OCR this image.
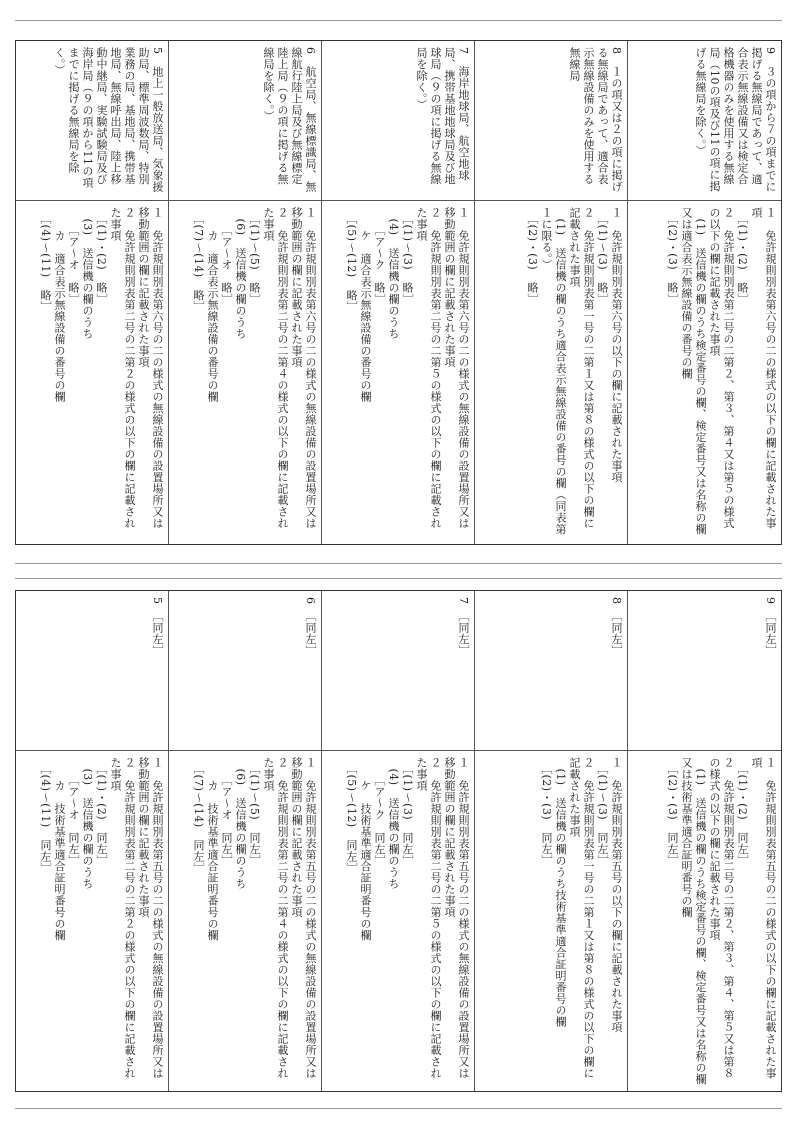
5　地上一般放送局、気象援助局、標準周波数局、特別業務の局、基地局、携帯基地局、無線呼出局、陸上移動中継局、実験試験局及び海岸局（９の項から11の項までに掲げる無線局を除く。）
１　免許規則別表第六号の二の様式の無線設備の設置場所又は移動範囲の欄に記載された事項
２　免許規則別表第二号の二第２の様式の以下の欄に記載された事項
　［(1)・(2)　略］
　(3)　送信機の欄のうち
　　［ア～オ　略］
　　カ　適合表示無線設備の番号の欄
　［(4)～(11)　略］
6　航空局、無線標識局、無線航行陸上局及び無線標定陸上局（９の項に掲げる無線局を除く。）
１　免許規則別表第六号の二の様式の無線設備の設置場所又は移動範囲の欄に記載された事項
２　免許規則別表第二号の二第４の様式の以下の欄に記載された事項
　［(1)～(5)　略］
　(6)　送信機の欄のうち
　　［ア～オ　略］
　　カ　適合表示無線設備の番号の欄
　［(7)～(14)　略］
7　海岸地球局、航空地球局、携帯基地地球局及び地球局（９の項に掲げる無線局を除く。）
１　免許規則別表第六号の二の様式の無線設備の設置場所又は移動範囲の欄に記載された事項
２　免許規則別表第二号の二第５の様式の以下の欄に記載された事項
　［(1)～(3)　略］
　(4)　送信機の欄のうち
　　［ア～ク　略］
　　ケ　適合表示無線設備の番号の欄
　［(5)～(12)　略］
8　１の項又は２の項に掲げる無線局であって、適合表示無線設備のみを使用する無線局
１　免許規則別表第六号の以下の欄に記載された事項
　［(1)～(3)　略］
２　免許規則別表第一号の二第１又は第８の様式の以下の欄に記載された事項
　(1)　送信機の欄のうち適合表示無線設備の番号の欄（同表第１に限る。）
　［(2)・(3)　略］
9　３の項から７の項までに掲げる無線局であって、適合表示無線設備又は検定合格機器のみを使用する無線局（10の項及び11の項に掲げる無線局を除く。）
１　免許規則別表第六号の二の様式の以下の欄に記載された事項
　［(1)・(2)　略］
２　免許規則別表第二号の二第２、第３、第４又は第５の様式の以下の欄に記載された事項
　(1)　送信機の欄のうち検定番号の欄、検定番号又は名称の欄又は適合表示無線設備の番号の欄
　［(2)・(3)　略］
5　［同左］
１　免許規則別表第五号の二の様式の無線設備の設置場所又は移動範囲の欄に記載された事項
２　免許規則別表第二号の二第２の様式の以下の欄に記載された事項
　［(1)・(2)　同左］
　(3)　送信機の欄のうち
　　［ア～オ　同左］
　　カ　技術基準適合証明番号の欄
　［(4)～(11)　同左］
6　［同左］
１　免許規則別表第五号の二の様式の無線設備の設置場所又は移動範囲の欄に記載された事項
２　免許規則別表第二号の二第４の様式の以下の欄に記載された事項
　［(1)～(5)　同左］
　(6)　送信機の欄のうち
　　［ア～オ　同左］
　　カ　技術基準適合証明番号の欄
　［(7)～(14)　同左］
7　［同左］
１　免許規則別表第五号の二の様式の無線設備の設置場所又は移動範囲の欄に記載された事項
２　免許規則別表第二号の二第５の様式の以下の欄に記載された事項
　［(1)～(3)　同左］
　(4)　送信機の欄のうち
　　［ア～ク　同左］
　　ケ　技術基準適合証明番号の欄
　［(5)～(12)　同左］
8　［同左］
１　免許規則別表第五号の以下の欄に記載された事項
　［(1)～(3)　同左］
２　免許規則別表第一号の二第１又は第８の様式の以下の欄に記載された事項
　(1)　送信機の欄のうち技術基準適合証明番号の欄
　［(2)・(3)　同左］
9　［同左］
１　免許規則別表第五号の二の様式の以下の欄に記載された事項
　［(1)・(2)　同左］
２　免許規則別表第二号の二第２、第３、第４、第５又は第８の様式の以下の欄に記載された事項
　(1)　送信機の欄のうち検定番号の欄、検定番号又は名称の欄又は技術基準適合証明番号の欄
　［(2)・(3)　同左］
